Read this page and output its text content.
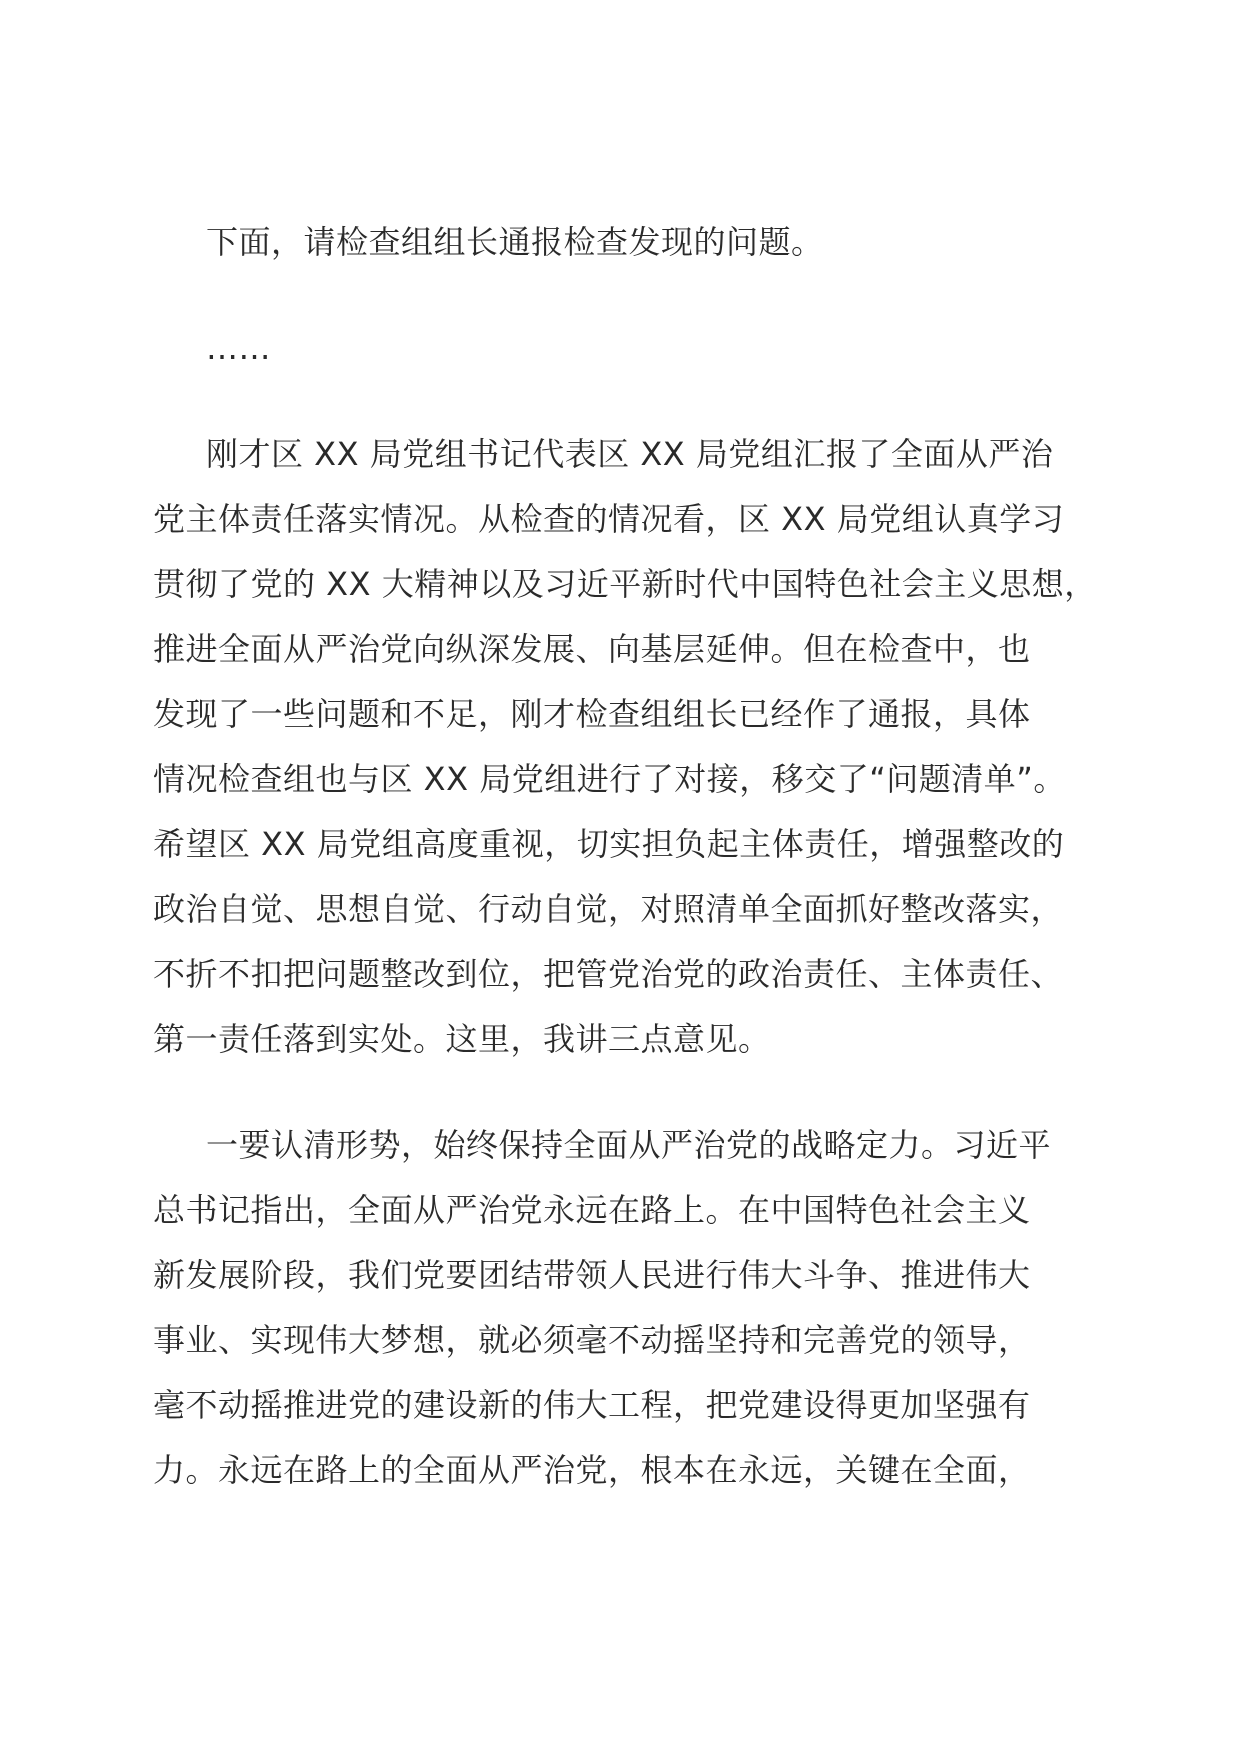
下面，请检查组组长通报检查发现的问题。
……
刚才区 XX 局党组书记代表区 XX 局党组汇报了全面从严治
党主体责任落实情况。从检查的情况看，区 XX 局党组认真学习
贯彻了党的 XX 大精神以及习近平新时代中国特色社会主义思想，
推进全面从严治党向纵深发展、向基层延伸。但在检查中，也
发现了一些问题和不足，刚才检查组组长已经作了通报，具体
情况检查组也与区 XX 局党组进行了对接，移交了“问题清单”。
希望区 XX 局党组高度重视，切实担负起主体责任，增强整改的
政治自觉、思想自觉、行动自觉，对照清单全面抓好整改落实，
不折不扣把问题整改到位，把管党治党的政治责任、主体责任、
第一责任落到实处。这里，我讲三点意见。
一要认清形势，始终保持全面从严治党的战略定力。习近平
总书记指出，全面从严治党永远在路上。在中国特色社会主义
新发展阶段，我们党要团结带领人民进行伟大斗争、推进伟大
事业、实现伟大梦想，就必须毫不动摇坚持和完善党的领导，
毫不动摇推进党的建设新的伟大工程，把党建设得更加坚强有
力。永远在路上的全面从严治党，根本在永远，关键在全面，
